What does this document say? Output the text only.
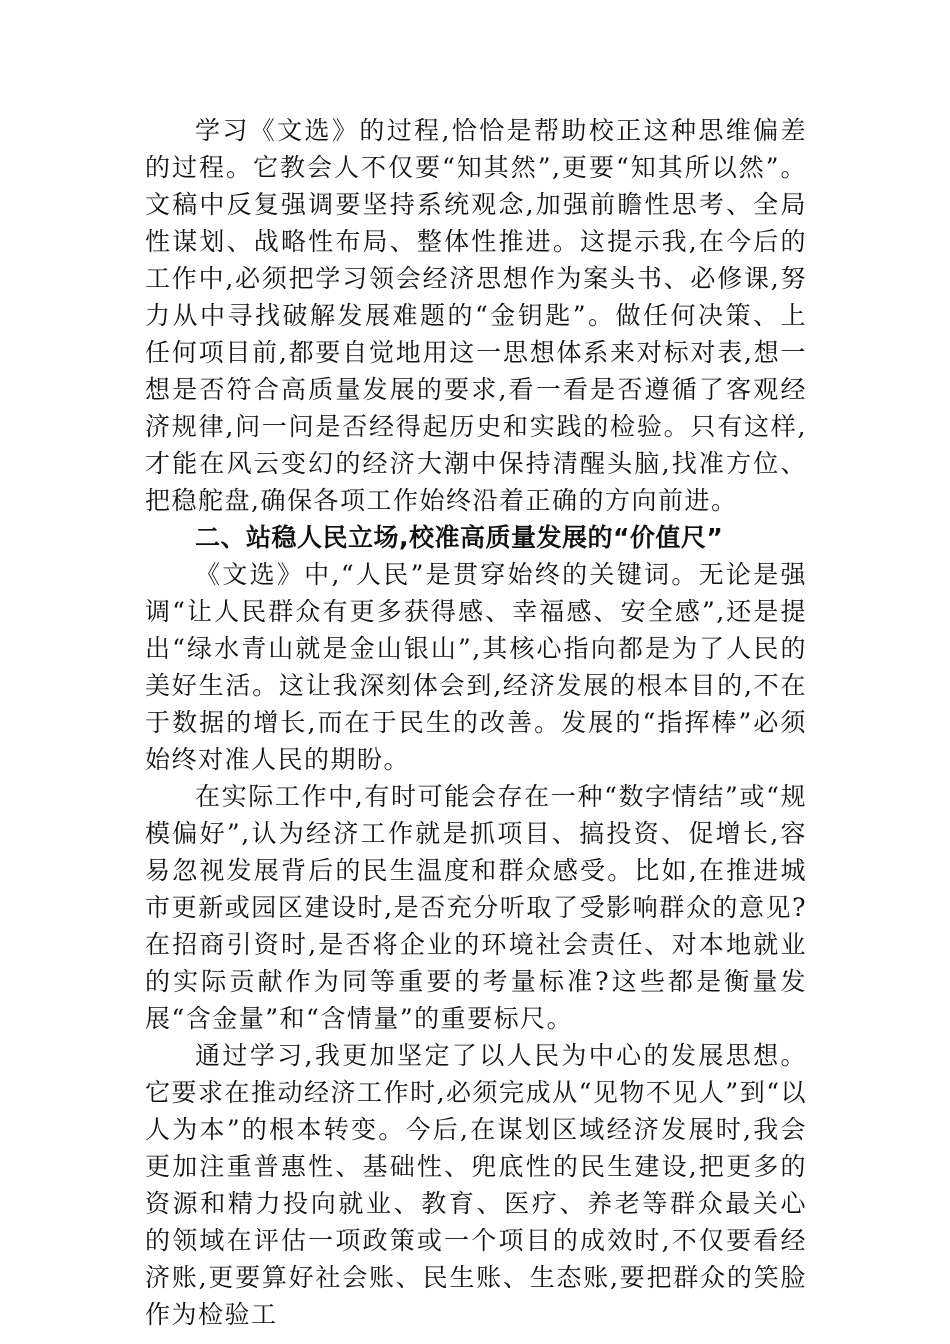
学习《文选》的过程,恰恰是帮助校正这种思维偏差的过程。它教会人不仅要“知其然”,更要“知其所以然”。文稿中反复强调要坚持系统观念,加强前瞻性思考、全局性谋划、战略性布局、整体性推进。这提示我,在今后的工作中,必须把学习领会经济思想作为案头书、必修课,努力从中寻找破解发展难题的“金钥匙”。做任何决策、上任何项目前,都要自觉地用这一思想体系来对标对表,想一想是否符合高质量发展的要求,看一看是否遵循了客观经济规律,问一问是否经得起历史和实践的检验。只有这样,才能在风云变幻的经济大潮中保持清醒头脑,找准方位、把稳舵盘,确保各项工作始终沿着正确的方向前进。

二、站稳人民立场,校准高质量发展的“价值尺”

《文选》中,“人民”是贯穿始终的关键词。无论是强调“让人民群众有更多获得感、幸福感、安全感”,还是提出“绿水青山就是金山银山”,其核心指向都是为了人民的美好生活。这让我深刻体会到,经济发展的根本目的,不在于数据的增长,而在于民生的改善。发展的“指挥棒”必须始终对准人民的期盼。

在实际工作中,有时可能会存在一种“数字情结”或“规模偏好”,认为经济工作就是抓项目、搞投资、促增长,容易忽视发展背后的民生温度和群众感受。比如,在推进城市更新或园区建设时,是否充分听取了受影响群众的意见?在招商引资时,是否将企业的环境社会责任、对本地就业的实际贡献作为同等重要的考量标准?这些都是衡量发展“含金量”和“含情量”的重要标尺。

通过学习,我更加坚定了以人民为中心的发展思想。它要求在推动经济工作时,必须完成从“见物不见人”到“以人为本”的根本转变。今后,在谋划区域经济发展时,我会更加注重普惠性、基础性、兜底性的民生建设,把更多的资源和精力投向就业、教育、医疗、养老等群众最关心的领域在评估一项政策或一个项目的成效时,不仅要看经济账,更要算好社会账、民生账、生态账,要把群众的笑脸作为检验工
